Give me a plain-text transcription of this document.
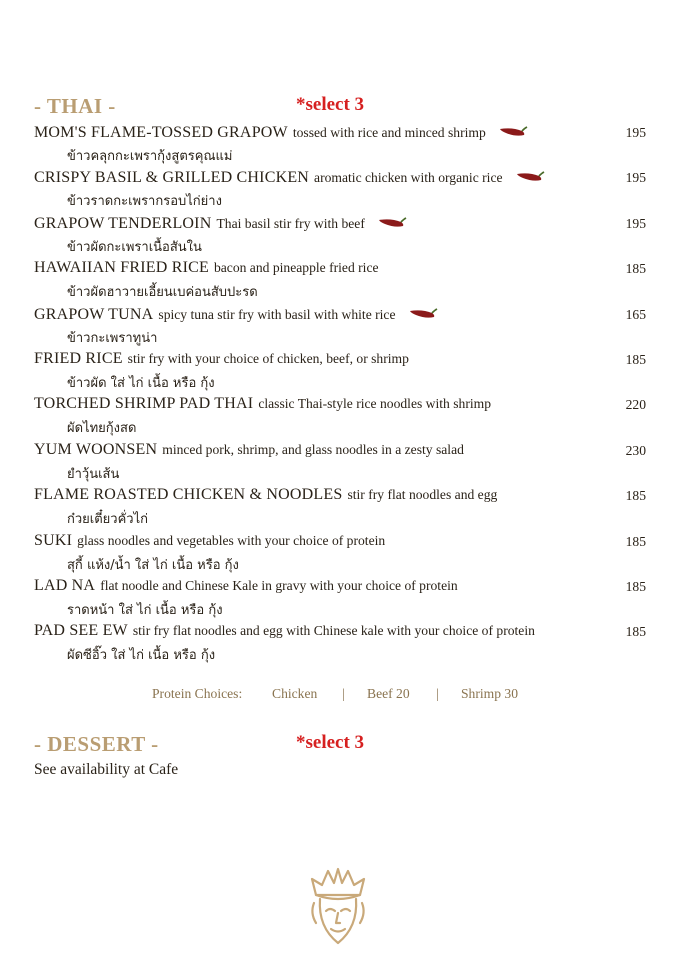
- THAI -	*select 3
MOM'S FLAME-TOSSED GRAPOW tossed with rice and minced shrimp	195
ข้าวคลุกกะเพรากุ้งสูตรคุณแม่
CRISPY BASIL & GRILLED CHICKEN aromatic chicken with organic rice	195
ข้าวราดกะเพรากรอบไก่ย่าง
GRAPOW TENDERLOIN Thai basil stir fry with beef	195
ข้าวผัดกะเพราเนื้อสันใน
HAWAIIAN FRIED RICE bacon and pineapple fried rice	185
ข้าวผัดฮาวายเอี้ยนเบค่อนสับปะรด
GRAPOW TUNA spicy tuna stir fry with basil with white rice	165
ข้าวกะเพราทูน่า
FRIED RICE stir fry with your choice of chicken, beef, or shrimp	185
ข้าวผัด ใส่ ไก่ เนื้อ หรือ กุ้ง
TORCHED SHRIMP PAD THAI classic Thai-style rice noodles with shrimp	220
ผัดไทยกุ้งสด
YUM WOONSEN minced pork, shrimp, and glass noodles in a zesty salad	230
ยำวุ้นเส้น
FLAME ROASTED CHICKEN & NOODLES stir fry flat noodles and egg	185
ก๋วยเตี๋ยวคั่วไก่
SUKI glass noodles and vegetables with your choice of protein	185
สุกี้ แห้ง/น้ำ ใส่ ไก่ เนื้อ หรือ กุ้ง
LAD NA flat noodle and Chinese Kale in gravy with your choice of protein	185
ราดหน้า ใส่ ไก่ เนื้อ หรือ กุ้ง
PAD SEE EW stir fry flat noodles and egg with Chinese kale with your choice of protein	185
ผัดซีอิ๊ว ใส่ ไก่ เนื้อ หรือ กุ้ง
Protein Choices: Chicken | Beef 20 | Shrimp 30
- DESSERT -	*select 3
See availability at Cafe
